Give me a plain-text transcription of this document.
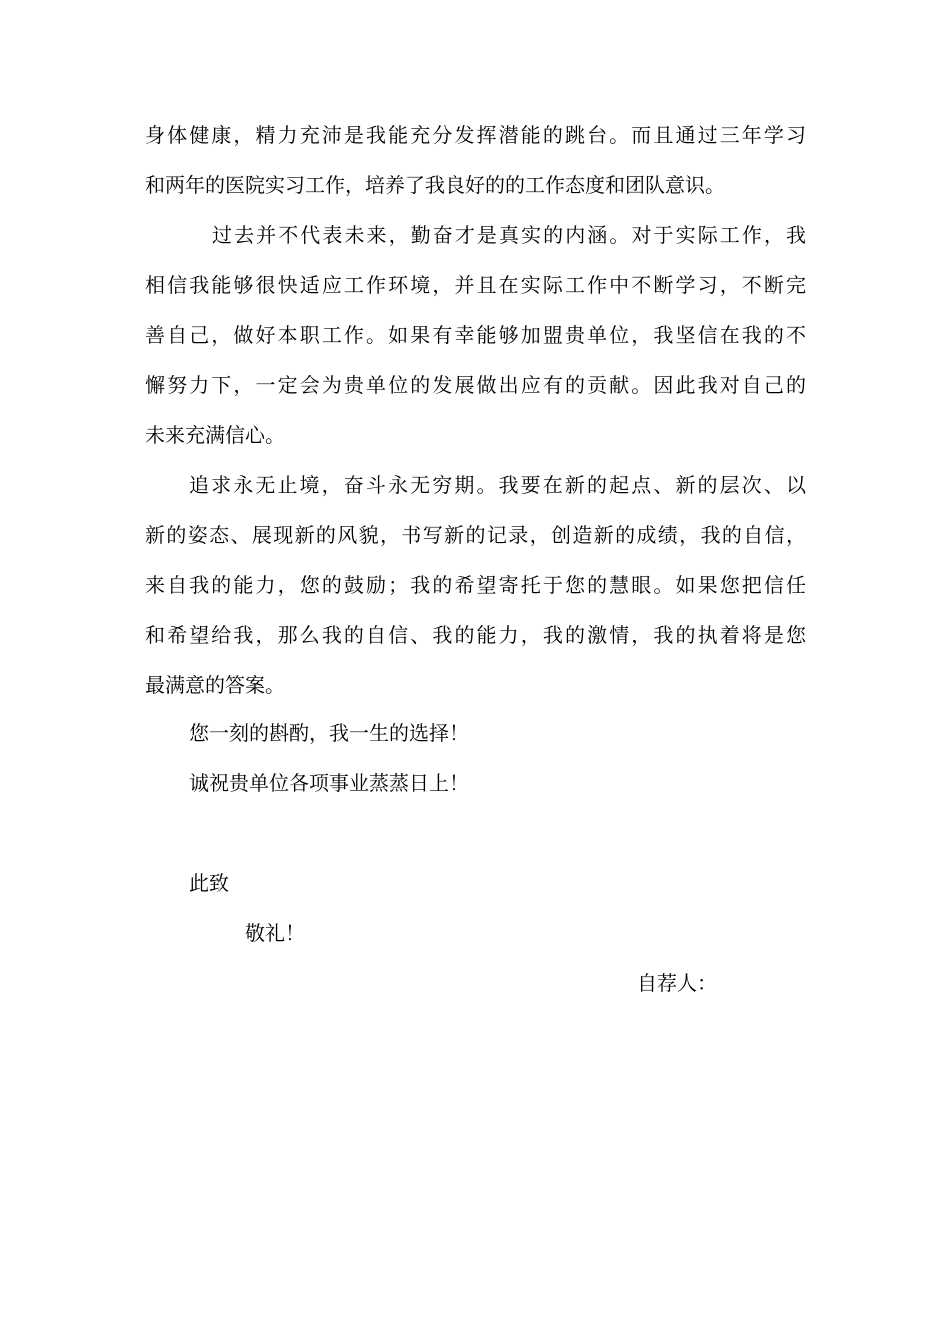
身体健康，精力充沛是我能充分发挥潜能的跳台。而且通过三年学习
和两年的医院实习工作，培养了我良好的的工作态度和团队意识。
过去并不代表未来，勤奋才是真实的内涵。对于实际工作，我
相信我能够很快适应工作环境，并且在实际工作中不断学习，不断完
善自己，做好本职工作。如果有幸能够加盟贵单位，我坚信在我的不
懈努力下，一定会为贵单位的发展做出应有的贡献。因此我对自己的
未来充满信心。
追求永无止境，奋斗永无穷期。我要在新的起点、新的层次、以
新的姿态、展现新的风貌，书写新的记录，创造新的成绩，我的自信，
来自我的能力，您的鼓励；我的希望寄托于您的慧眼。如果您把信任
和希望给我，那么我的自信、我的能力，我的激情，我的执着将是您
最满意的答案。
您一刻的斟酌，我一生的选择！
诚祝贵单位各项事业蒸蒸日上！
此致
敬礼！
自荐人：
